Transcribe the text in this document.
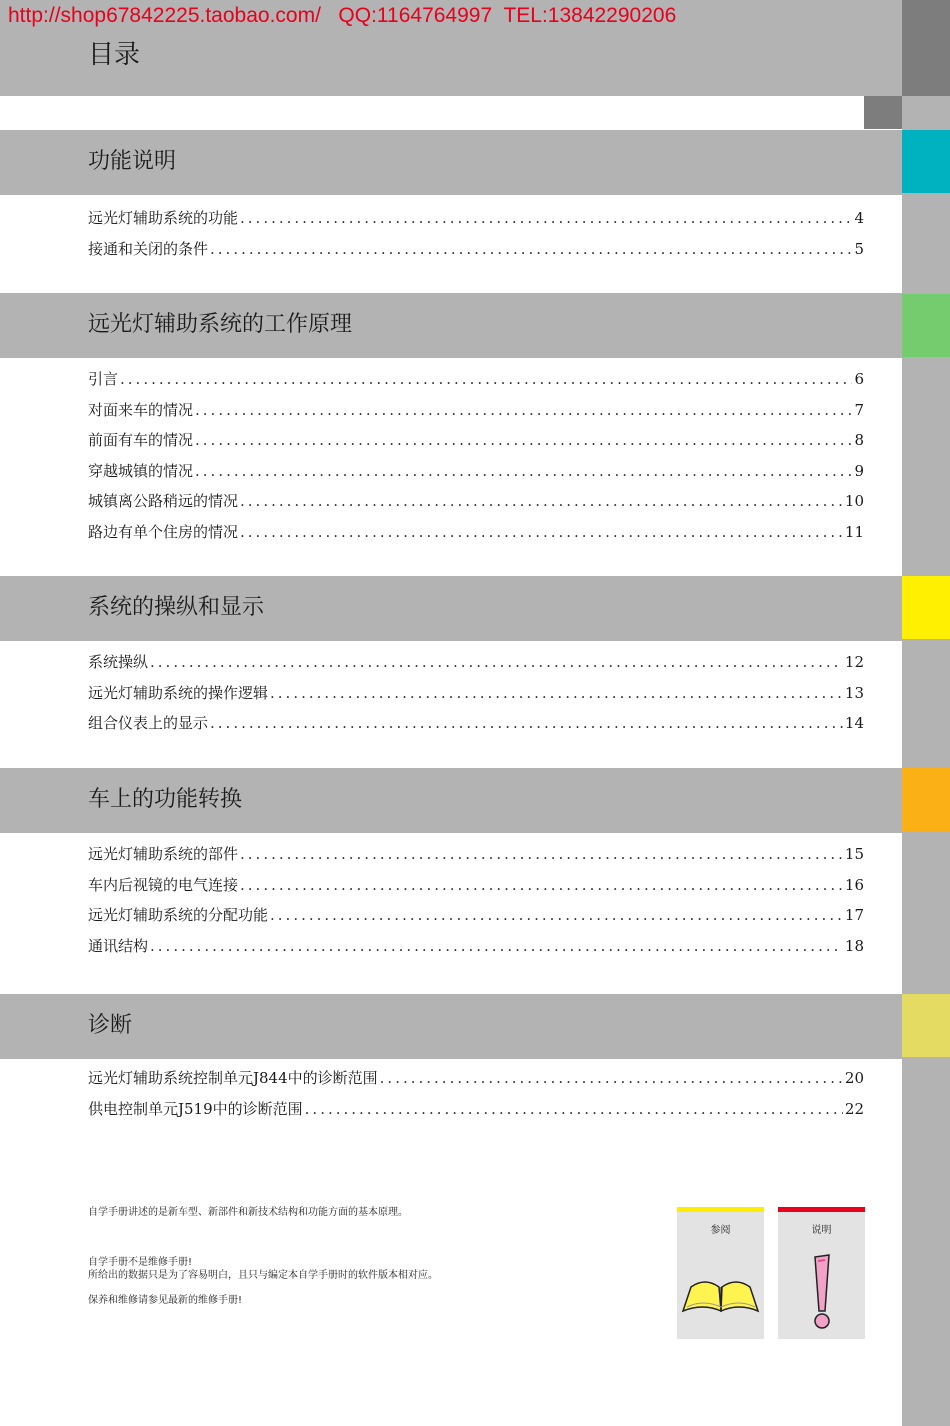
http://shop67842225.taobao.com/   QQ:1164764997  TEL:13842290206
目录
功能说明
远光灯辅助系统的功能 .....	4
接通和关闭的条件 .....	5
远光灯辅助系统的工作原理
引言 .....	6
对面来车的情况 .....	7
前面有车的情况 .....	8
穿越城镇的情况 .....	9
城镇离公路稍远的情况 .....	10
路边有单个住房的情况 .....	11
系统的操纵和显示
系统操纵 .....	12
远光灯辅助系统的操作逻辑 .....	13
组合仪表上的显示 .....	14
车上的功能转换
远光灯辅助系统的部件 .....	15
车内后视镜的电气连接 .....	16
远光灯辅助系统的分配功能 .....	17
通讯结构 .....	18
诊断
远光灯辅助系统控制单元J844中的诊断范围 .....	20
供电控制单元J519中的诊断范围 .....	22
自学手册讲述的是新车型、新部件和新技术结构和功能方面的基本原理。
自学手册不是维修手册!
所给出的数据只是为了容易明白，且只与编定本自学手册时的软件版本相对应。
保养和维修请参见最新的维修手册!
参阅	说明
